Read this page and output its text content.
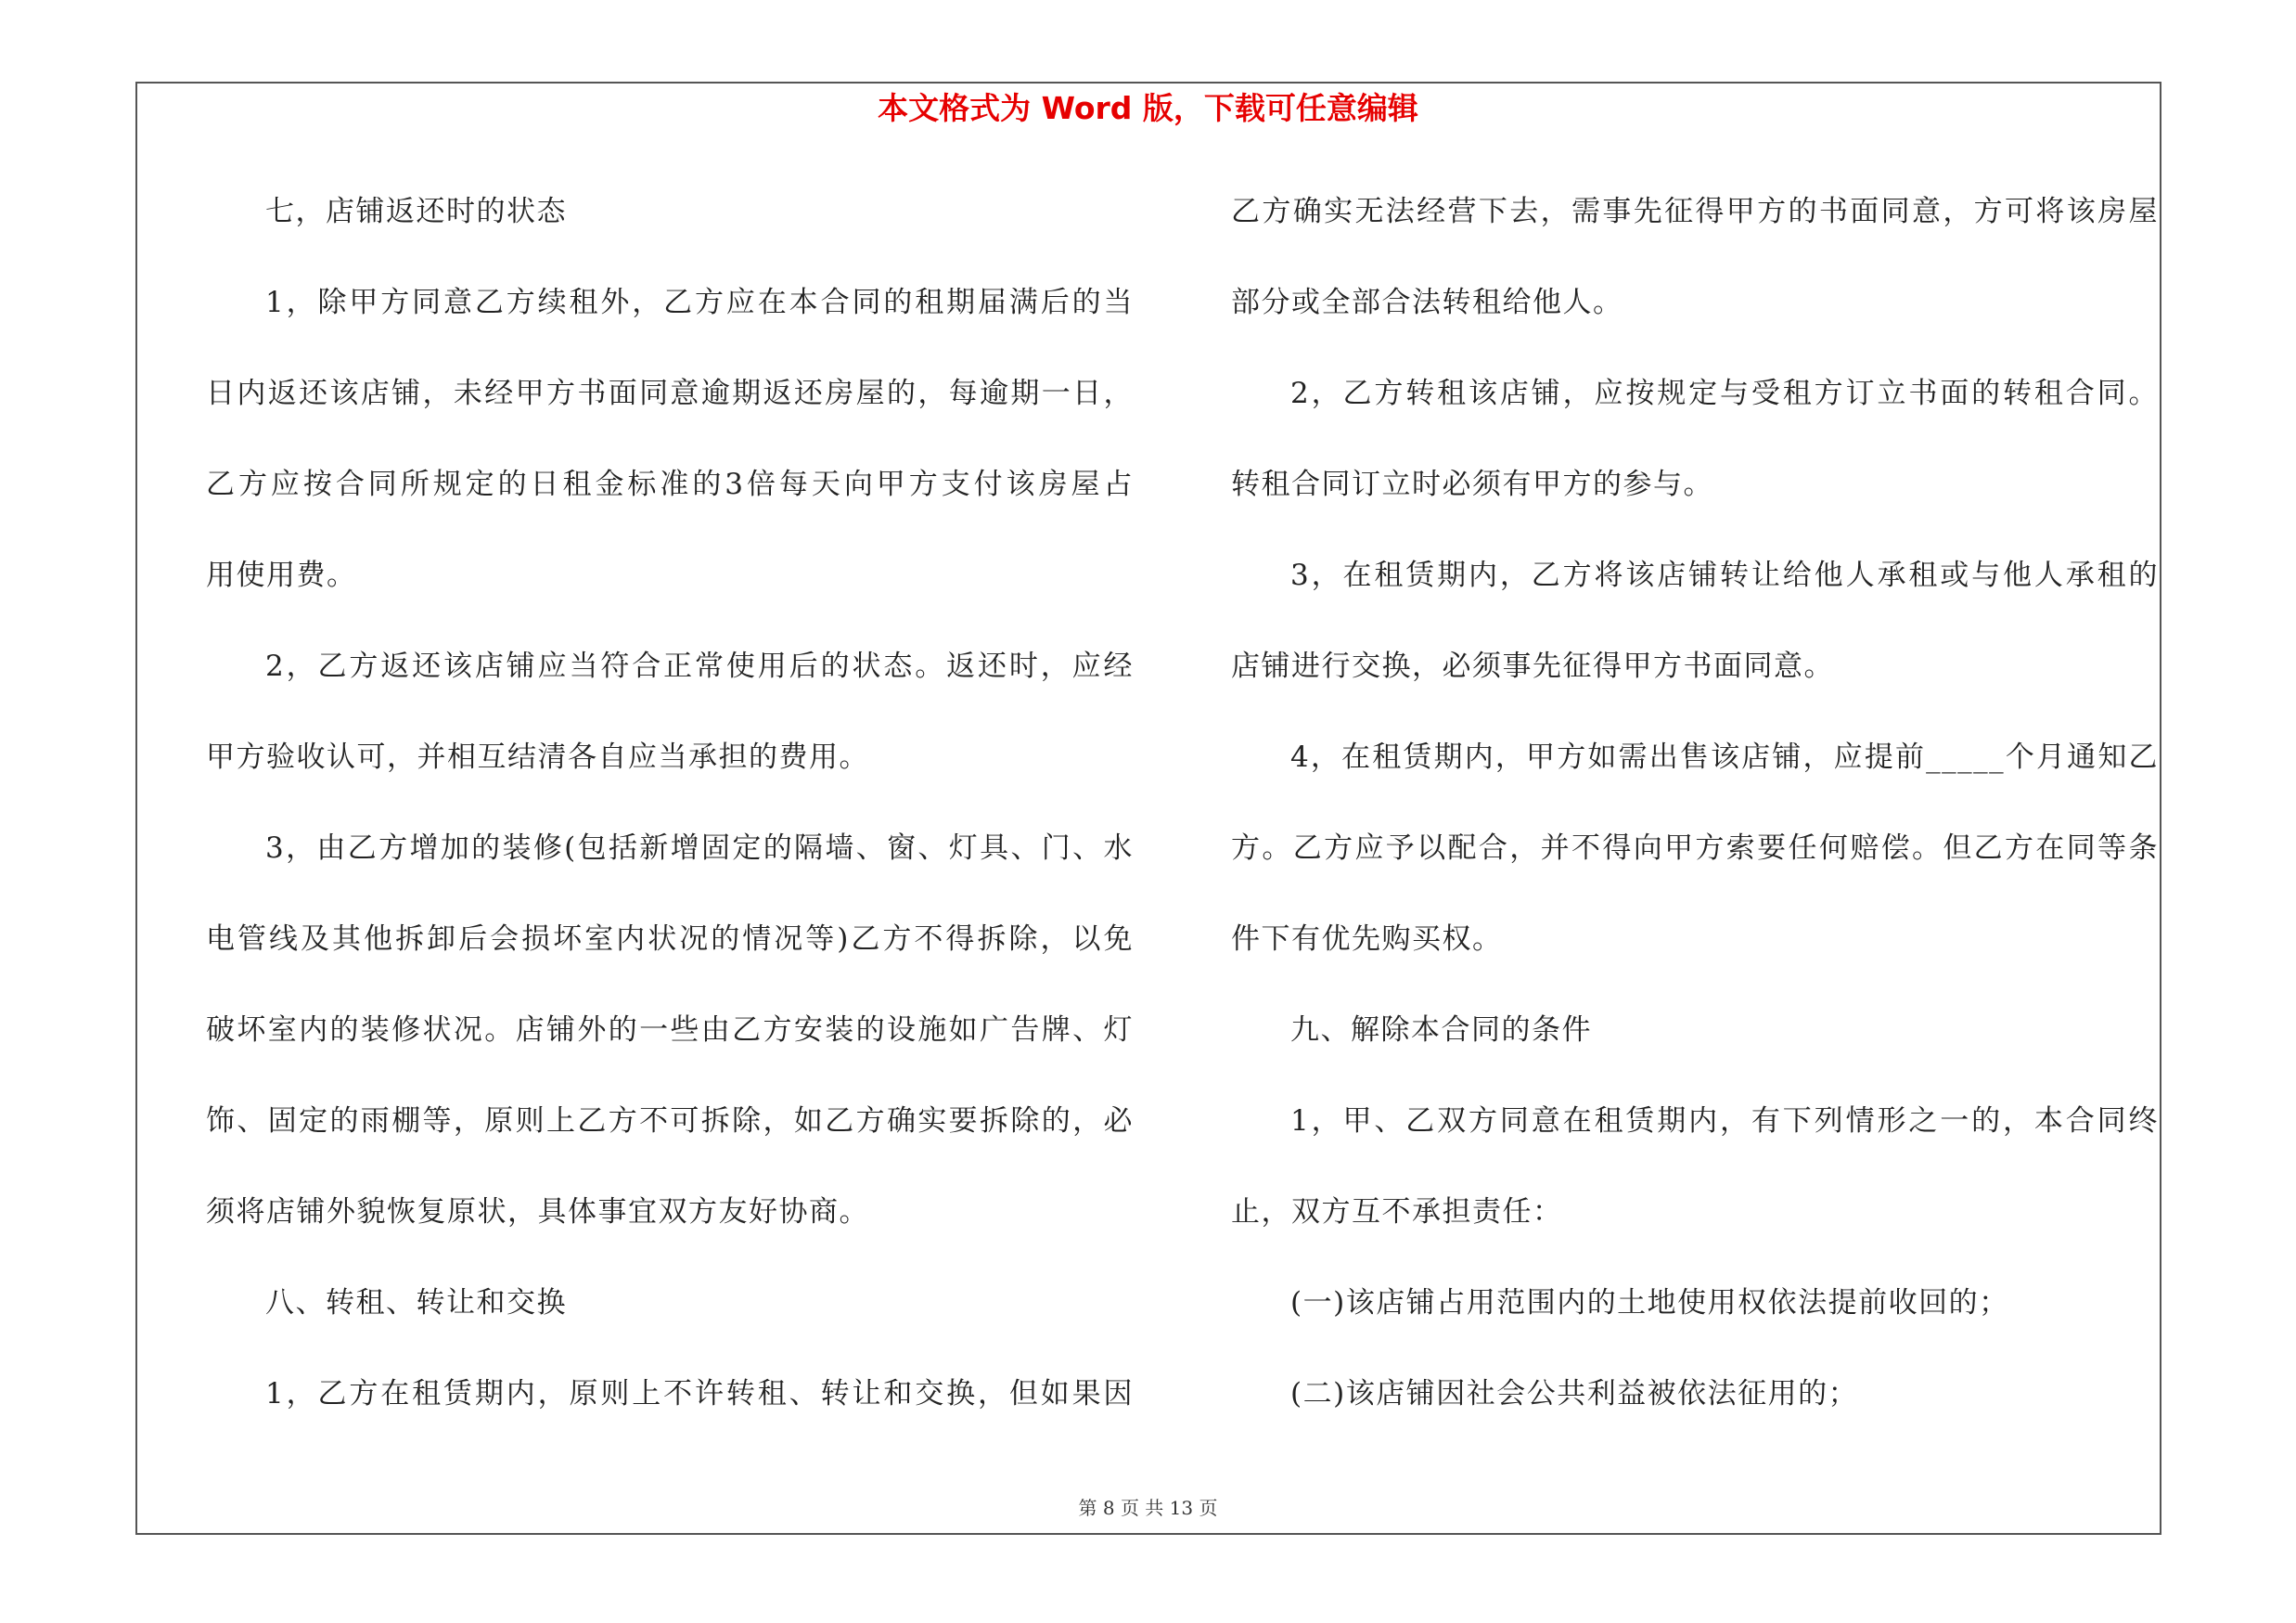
本文格式为 Word 版，下载可任意编辑
七，店铺返还时的状态
1，除甲方同意乙方续租外，乙方应在本合同的租期届满后的当
日内返还该店铺，未经甲方书面同意逾期返还房屋的，每逾期一日，
乙方应按合同所规定的日租金标准的3倍每天向甲方支付该房屋占
用使用费。
2，乙方返还该店铺应当符合正常使用后的状态。返还时，应经
甲方验收认可，并相互结清各自应当承担的费用。
3，由乙方增加的装修(包括新增固定的隔墙、窗、灯具、门、水
电管线及其他拆卸后会损坏室内状况的情况等)乙方不得拆除，以免
破坏室内的装修状况。店铺外的一些由乙方安装的设施如广告牌、灯
饰、固定的雨棚等，原则上乙方不可拆除，如乙方确实要拆除的，必
须将店铺外貌恢复原状，具体事宜双方友好协商。
八、转租、转让和交换
1，乙方在租赁期内，原则上不许转租、转让和交换，但如果因
乙方确实无法经营下去，需事先征得甲方的书面同意，方可将该房屋
部分或全部合法转租给他人。
2，乙方转租该店铺，应按规定与受租方订立书面的转租合同。
转租合同订立时必须有甲方的参与。
3，在租赁期内，乙方将该店铺转让给他人承租或与他人承租的
店铺进行交换，必须事先征得甲方书面同意。
4，在租赁期内，甲方如需出售该店铺，应提前_____个月通知乙
方。乙方应予以配合，并不得向甲方索要任何赔偿。但乙方在同等条
件下有优先购买权。
九、解除本合同的条件
1，甲、乙双方同意在租赁期内，有下列情形之一的，本合同终
止，双方互不承担责任：
(一)该店铺占用范围内的土地使用权依法提前收回的；
(二)该店铺因社会公共利益被依法征用的；
第 8 页 共 13 页
